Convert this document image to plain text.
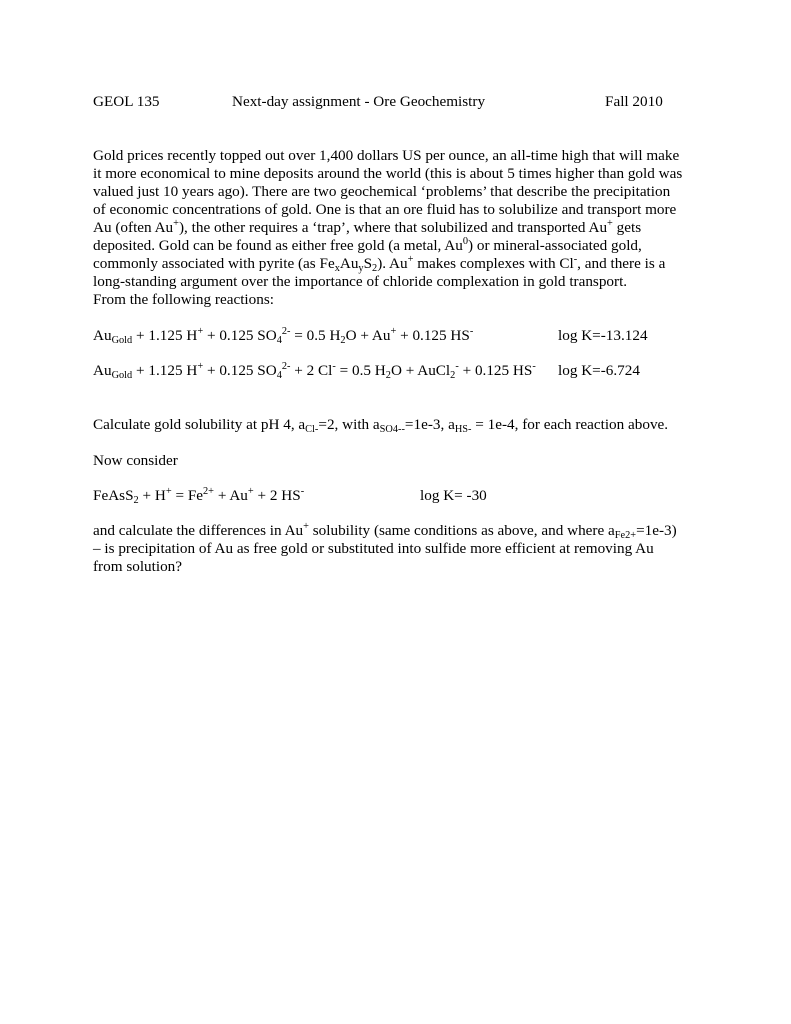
GEOL 135	Next-day assignment - Ore Geochemistry	Fall 2010
Gold prices recently topped out over 1,400 dollars US per ounce, an all-time high that will make
it more economical to mine deposits around the world (this is about 5 times higher than gold was
valued just 10 years ago). There are two geochemical ‘problems’ that describe the precipitation
of economic concentrations of gold. One is that an ore fluid has to solubilize and transport more
Au (often Au+), the other requires a ‘trap’, where that solubilized and transported Au+ gets
deposited. Gold can be found as either free gold (a metal, Au$^0$) or mineral-associated gold,
commonly associated with pyrite (as $Fe_xAu_yS_2$). Au+ makes complexes with Cl-, and there is a
long-standing argument over the importance of chloride complexation in gold transport.
From the following reactions:
$Au_{Gold} + 1.125$ H+ + 0.125 $SO_4^{2-} = 0.5$ $H_2O + Au^+ + 0.125$ HS-	log K=-13.124
$Au_{Gold} + 1.125$ H+ + 0.125 $SO_4^{2-} + 2$ Cl- = 0.5 $H_2O$ + AuCl$_2$- + 0.125 HS- log K=-6.724
Calculate gold solubility at pH 4, $a_{Cl-}=2$, with $a_{SO4--}=1e-3$, $a_{HS-} = 1e-4$, for each reaction above.
Now consider
FeAsS$_2$ + $H^+ = Fe^{2+} + Au^+ + 2$ HS-	log K= -30
and calculate the differences in Au+ solubility (same conditions as above, and where $a_{Fe2+}=1e-3$)
– is precipitation of Au as free gold or substituted into sulfide more efficient at removing Au
from solution?
